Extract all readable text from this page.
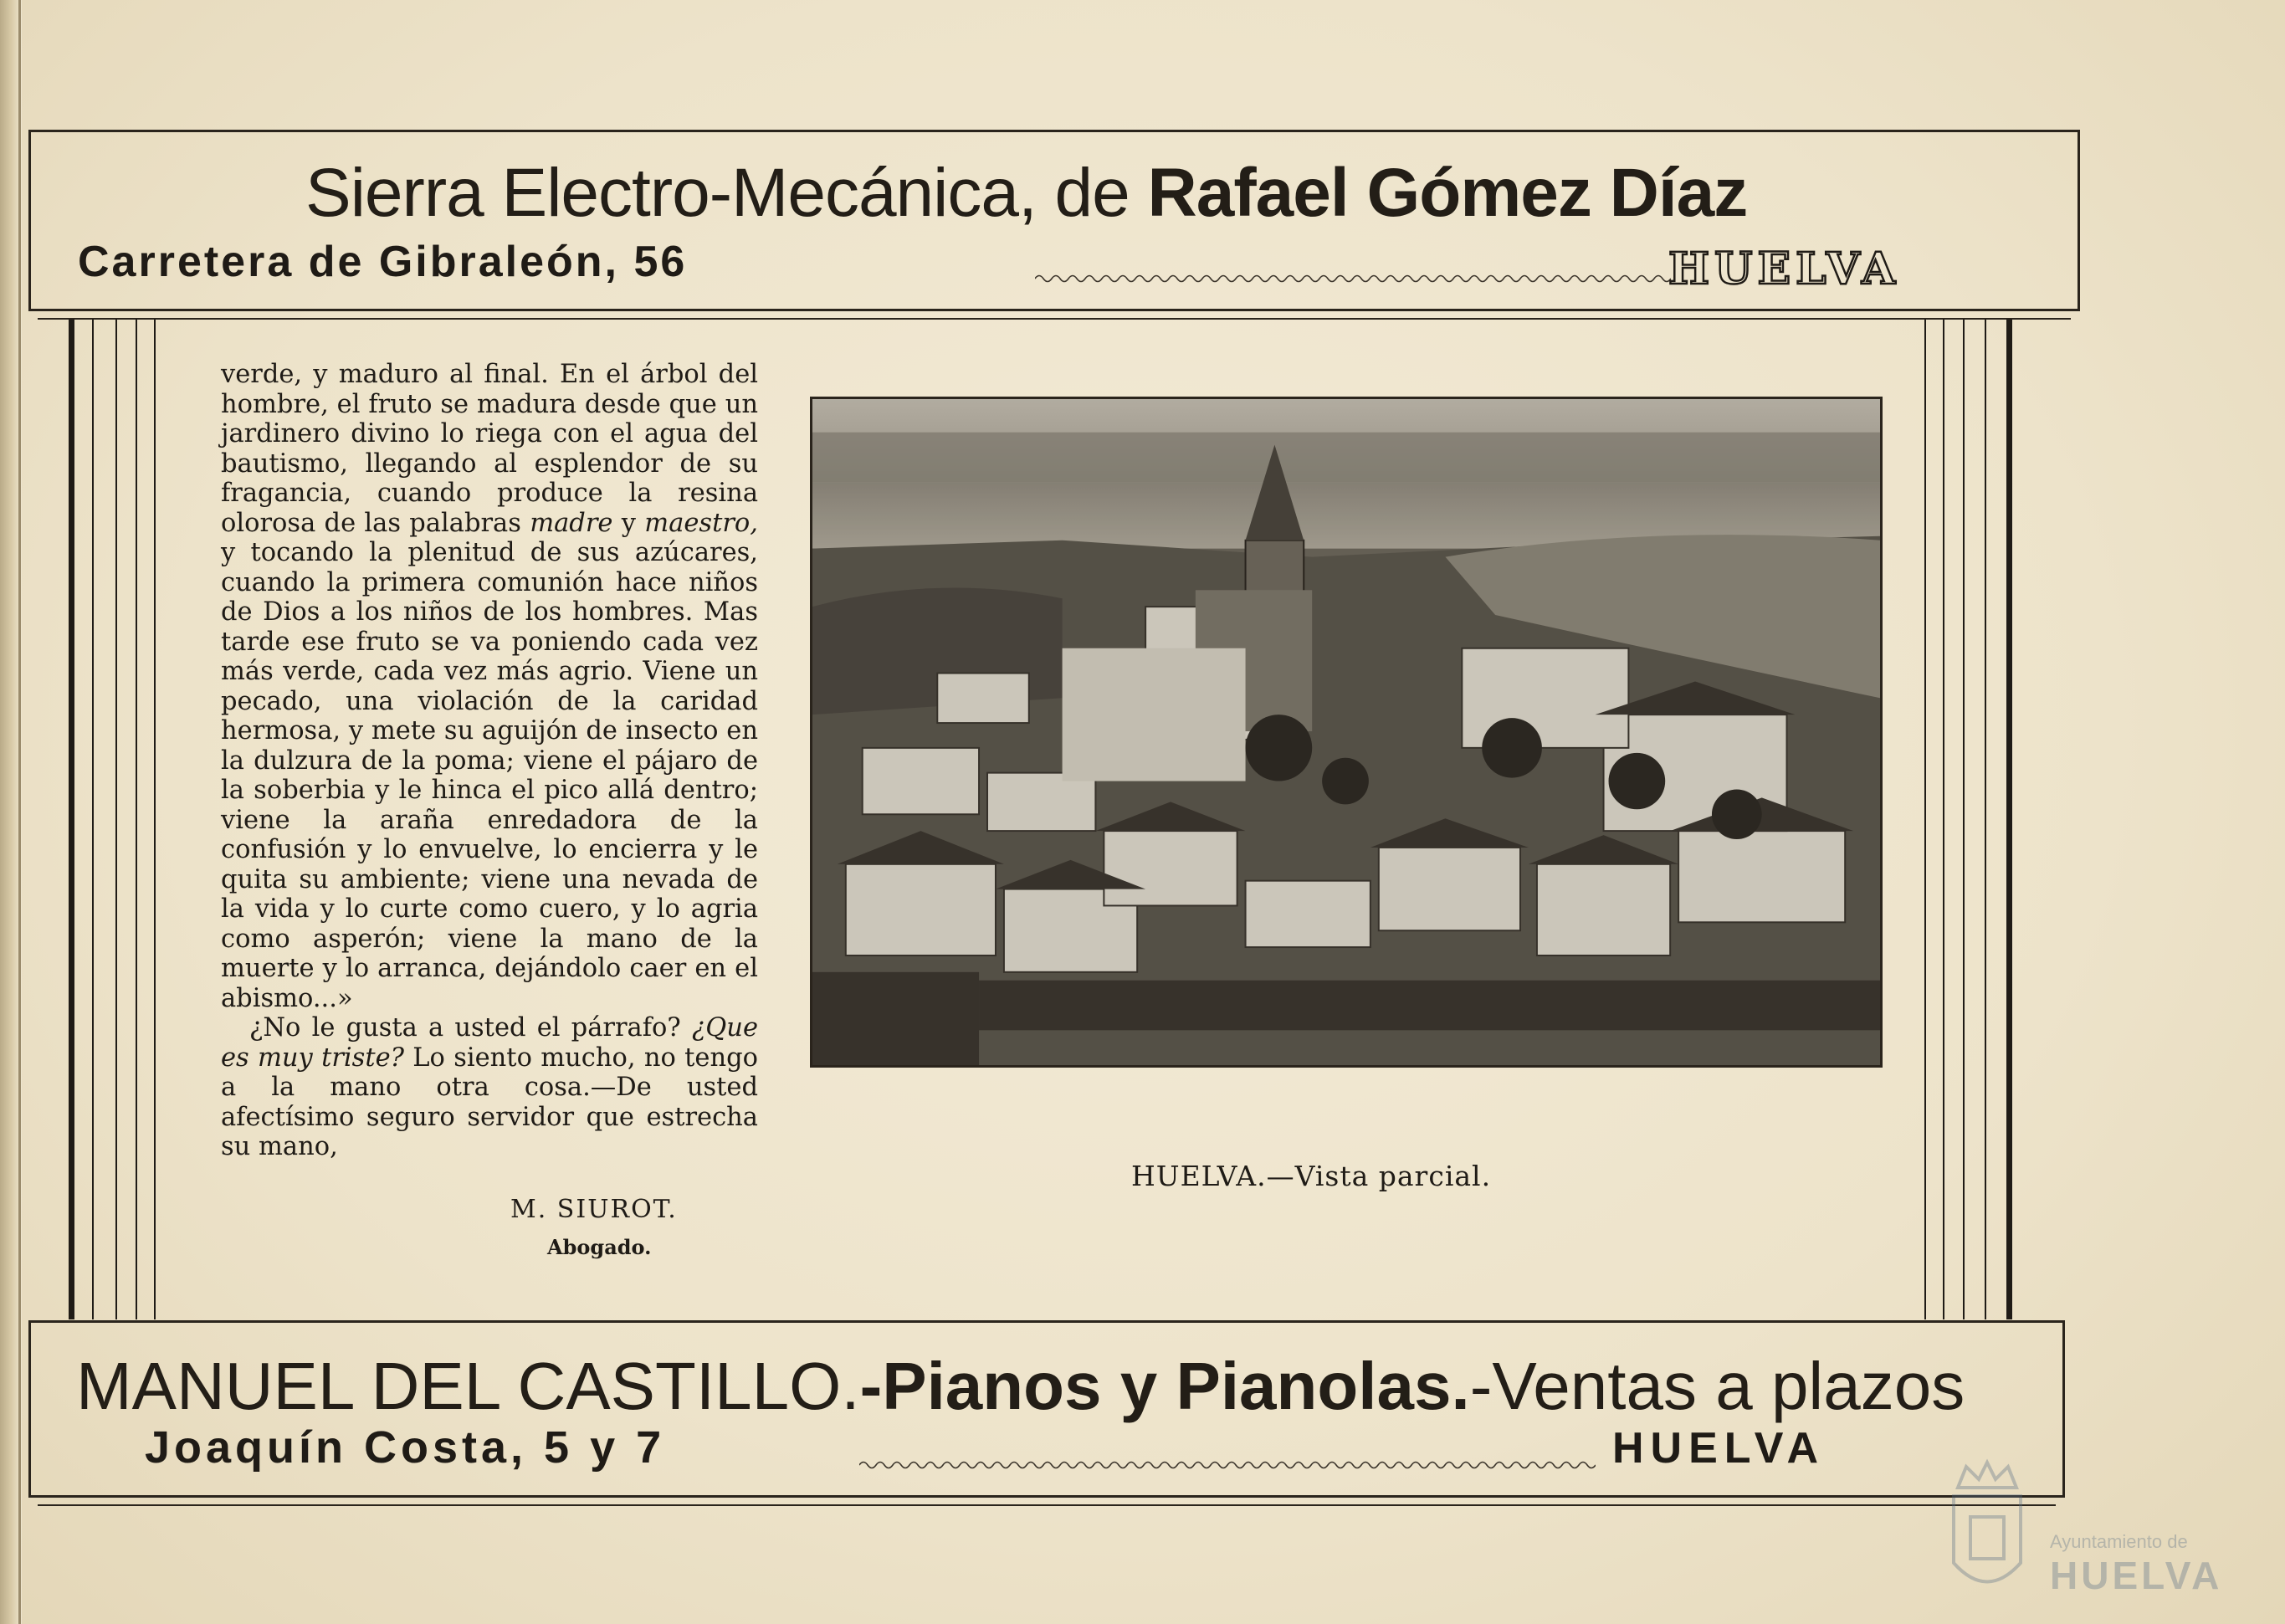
Sierra Electro-Mecánica, de Rafael Gómez Díaz
Carretera de Gibraleón, 56	HUELVA

verde, y maduro al final. En el árbol del hombre, el fruto se madura desde que un jardinero divino lo riega con el agua del bautismo, llegando al esplendor de su fragancia, cuando produce la resina olorosa de las palabras madre y maestro, y tocando la plenitud de sus azúcares, cuando la primera comunión hace niños de Dios a los niños de los hombres. Mas tarde ese fruto se va poniendo cada vez más verde, cada vez más agrio. Viene un pecado, una violación de la caridad hermosa, y mete su aguijón de insecto en la dulzura de la poma; viene el pájaro de la soberbia y le hinca el pico allá dentro; viene la araña enredadora de la confusión y lo envuelve, lo encierra y le quita su ambiente; viene una nevada de la vida y lo curte como cuero, y lo agria como asperón; viene la mano de la muerte y lo arranca, dejándolo caer en el abismo...»

¿No le gusta a usted el párrafo? ¿Que es muy triste? Lo siento mucho, no tengo a la mano otra cosa.—De usted afectísimo seguro servidor que estrecha su mano,

M. SIUROT.
Abogado.
HUELVA.—Vista parcial.
MANUEL DEL CASTILLO.-Pianos y Pianolas.-Ventas a plazos
Joaquín Costa, 5 y 7	HUELVA
Ayuntamiento de
HUELVA
